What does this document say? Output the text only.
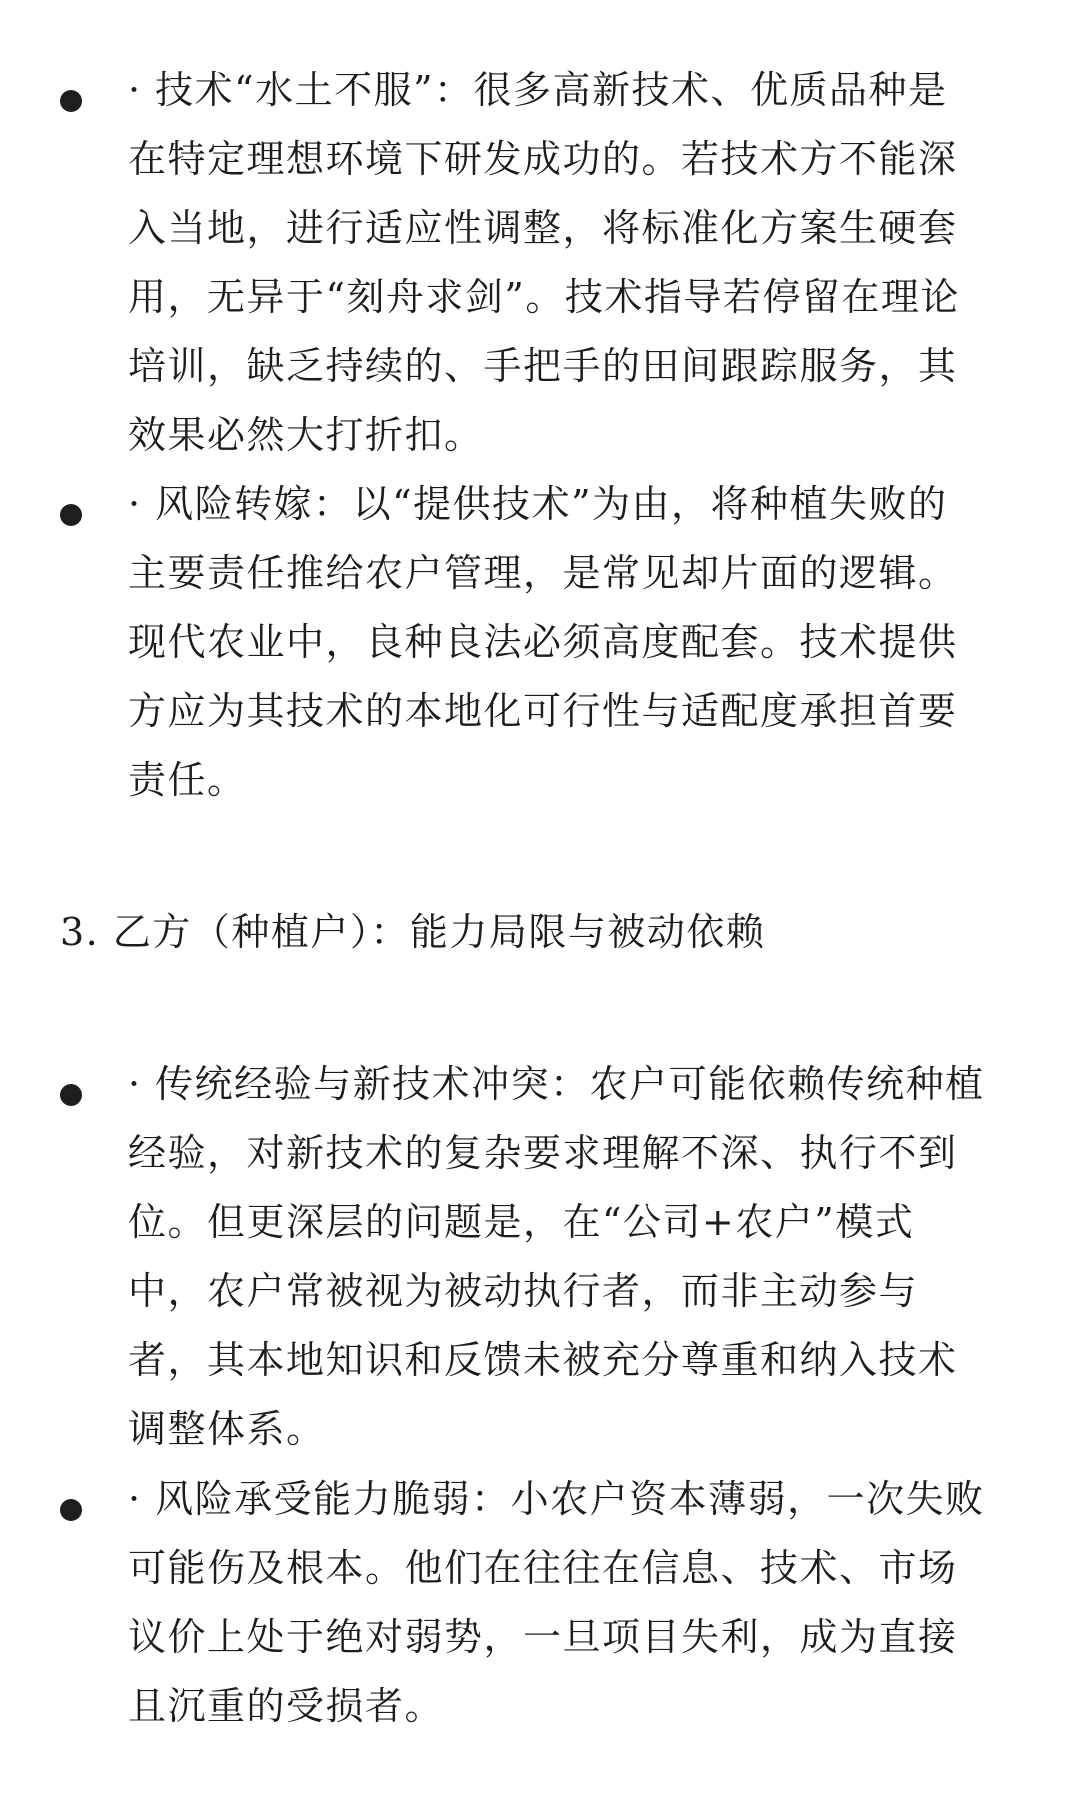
· 技术“水土不服”：很多高新技术、优质品种是
在特定理想环境下研发成功的。若技术方不能深
入当地，进行适应性调整，将标准化方案生硬套
用，无异于“刻舟求剑”。技术指导若停留在理论
培训，缺乏持续的、手把手的田间跟踪服务，其
效果必然大打折扣。

· 风险转嫁：以“提供技术”为由，将种植失败的
主要责任推给农户管理，是常见却片面的逻辑。
现代农业中，良种良法必须高度配套。技术提供
方应为其技术的本地化可行性与适配度承担首要
责任。

3. 乙方（种植户）：能力局限与被动依赖

· 传统经验与新技术冲突：农户可能依赖传统种植
经验，对新技术的复杂要求理解不深、执行不到
位。但更深层的问题是，在“公司+农户”模式
中，农户常被视为被动执行者，而非主动参与
者，其本地知识和反馈未被充分尊重和纳入技术
调整体系。

· 风险承受能力脆弱：小农户资本薄弱，一次失败
可能伤及根本。他们在往往在信息、技术、市场
议价上处于绝对弱势，一旦项目失利，成为直接
且沉重的受损者。
